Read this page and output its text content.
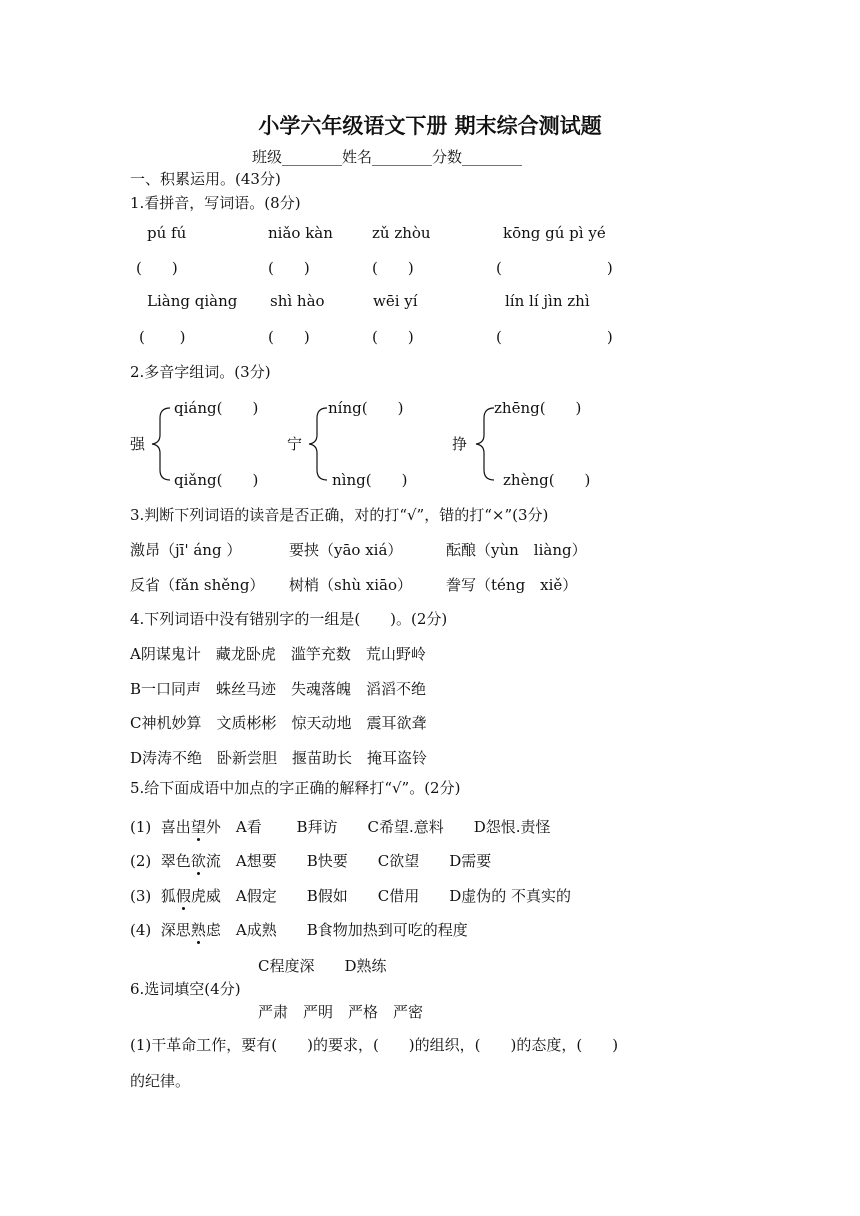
小学六年级语文下册 期末综合测试题
班级________姓名________分数________
一、积累运用。(43分)
1.看拼音，写词语。(8分)
pú fú	niǎo kàn	zǔ zhòu	kōng gú pì yé
(　　)	(　　)	(　　)	(　　　　　　　)
Liàng qiàng shì hào	wēi yí	lín lí jìn zhì
(　　 )	(　　)	(　　)	(　　　　　　　)
2.多音字组词。(3分)
强
qiáng(　　)
qiǎng(　　)
宁
níng(　　)
nìng(　　)
挣
zhēng(　　)
zhèng(　　)
3.判断下列词语的读音是否正确，对的打“√”，错的打“×”(3分)
激昂（jī' áng ）	要挟（yāo xiá）	酝酿（yùn　liàng）
反省（fǎn shěng） 树梢（shù xiāo） 誊写（téng　xiě）
4.下列词语中没有错别字的一组是(　　)。(2分)
A阴谋鬼计　藏龙卧虎　滥竽充数　荒山野岭
B一口同声　蛛丝马迹　失魂落魄　滔滔不绝
C神机妙算　文质彬彬　惊天动地　震耳欲聋
D涛涛不绝　卧新尝胆　揠苗助长　掩耳盗铃
5.给下面成语中加点的字正确的解释打“√”。(2分)
(1) 喜出望外　 A看　　 B拜访　　C希望.意料　　D怨恨.责怪
(2) 翠色欲流　 A想要　　B快要　　C欲望　　D需要
(3) 狐假虎威　 A假定　　B假如　　C借用　　D虚伪的 不真实的
(4) 深思熟虑　 A成熟　　B食物加热到可吃的程度
C程度深　　D熟练
6.选词填空(4分)
严肃　严明　严格　严密
(1)干革命工作，要有(　　)的要求，(　　)的组织，(　　)的态度，(　　)
的纪律。
